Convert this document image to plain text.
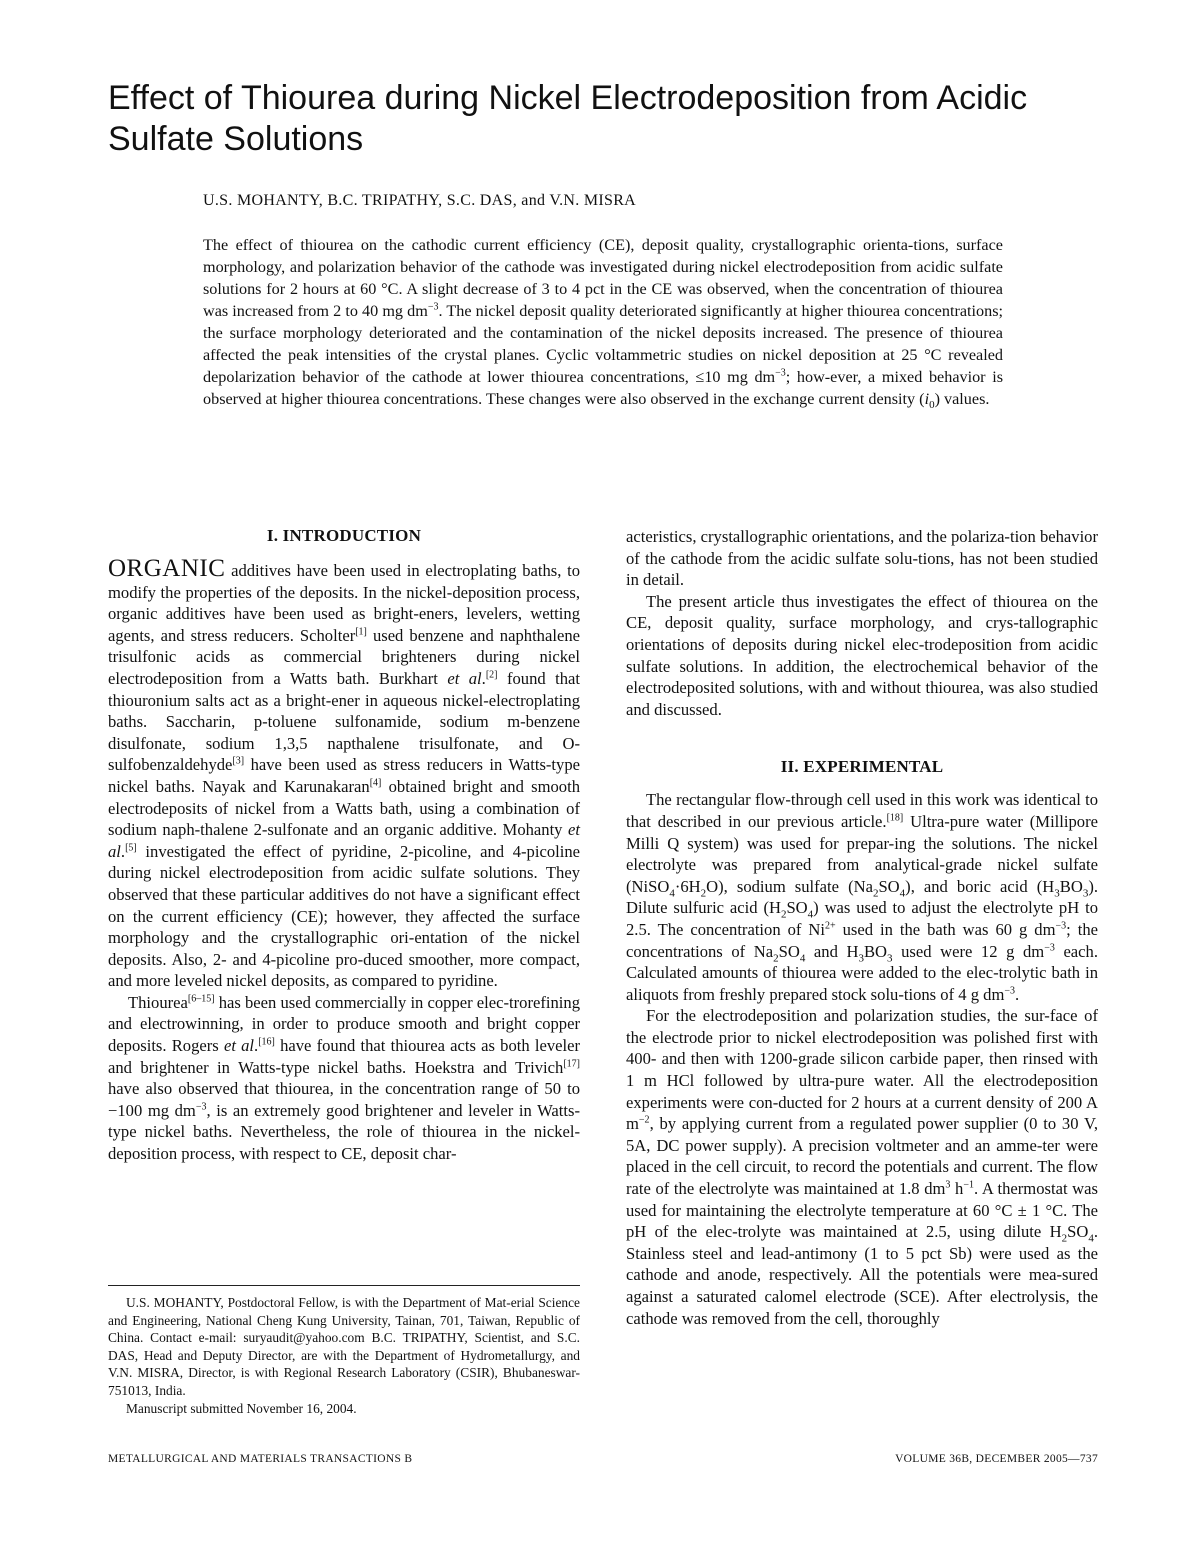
Effect of Thiourea during Nickel Electrodeposition from Acidic Sulfate Solutions
U.S. MOHANTY, B.C. TRIPATHY, S.C. DAS, and V.N. MISRA

The effect of thiourea on the cathodic current efficiency (CE), deposit quality, crystallographic orienta-tions, surface morphology, and polarization behavior of the cathode was investigated during nickel electrodeposition from acidic sulfate solutions for 2 hours at 60 °C. A slight decrease of 3 to 4 pct in the CE was observed, when the concentration of thiourea was increased from 2 to 40 mg $dm^{-3}$. The nickel deposit quality deteriorated significantly at higher thiourea concentrations; the surface morphology deteriorated and the contamination of the nickel deposits increased. The presence of thiourea affected the peak intensities of the crystal planes. Cyclic voltammetric studies on nickel deposition at 25 °C revealed depolarization behavior of the cathode at lower thiourea concentrations, ≤10 mg $dm^{-3}$; how-ever, a mixed behavior is observed at higher thiourea concentrations. These changes were also observed in the exchange current density $(i_0)$ values.

I. INTRODUCTION

ORGANIC additives have been used in electroplating baths, to modify the properties of the deposits. In the nickel-deposition process, organic additives have been used as bright-eners, levelers, wetting agents, and stress reducers. Scholter[1] used benzene and naphthalene trisulfonic acids as commercial brighteners during nickel electrodeposition from a Watts bath. Burkhart et al.[2] found that thiouronium salts act as a bright-ener in aqueous nickel-electroplating baths. Saccharin, p-toluene sulfonamide, sodium m-benzene disulfonate, sodium 1,3,5 napthalene trisulfonate, and O-sulfobenzaldehyde[3] have been used as stress reducers in Watts-type nickel baths. Nayak and Karunakaran[4] obtained bright and smooth electrodeposits of nickel from a Watts bath, using a combination of sodium naph-thalene 2-sulfonate and an organic additive. Mohanty et al.[5] investigated the effect of pyridine, 2-picoline, and 4-picoline during nickel electrodeposition from acidic sulfate solutions. They observed that these particular additives do not have a significant effect on the current efficiency (CE); however, they affected the surface morphology and the crystallographic ori-entation of the nickel deposits. Also, 2- and 4-picoline pro-duced smoother, more compact, and more leveled nickel deposits, as compared to pyridine.

Thiourea[6–15] has been used commercially in copper elec-trorefining and electrowinning, in order to produce smooth and bright copper deposits. Rogers et al.[16] have found that thiourea acts as both leveler and brightener in Watts-type nickel baths. Hoekstra and Trivich[17] have also observed that thiourea, in the concentration range of 50 to −100 mg $dm^{-3}$, is an extremely good brightener and leveler in Watts-type nickel baths. Nevertheless, the role of thiourea in the nickel-deposition process, with respect to CE, deposit char-

acteristics, crystallographic orientations, and the polariza-tion behavior of the cathode from the acidic sulfate solu-tions, has not been studied in detail.

The present article thus investigates the effect of thiourea on the CE, deposit quality, surface morphology, and crys-tallographic orientations of deposits during nickel elec-trodeposition from acidic sulfate solutions. In addition, the electrochemical behavior of the electrodeposited solutions, with and without thiourea, was also studied and discussed.

II. EXPERIMENTAL

The rectangular flow-through cell used in this work was identical to that described in our previous article.[18] Ultra-pure water (Millipore Milli Q system) was used for prepar-ing the solutions. The nickel electrolyte was prepared from analytical-grade nickel sulfate $(NiSO_4\cdot 6H_2O)$, sodium sulfate $(Na_2SO_4)$, and boric acid $(H_3BO_3)$. Dilute sulfuric acid $(H_2SO_4)$ was used to adjust the electrolyte pH to 2.5. The concentration of $Ni^{2+}$ used in the bath was 60 g $dm^{-3}$; the concentrations of $Na_2SO_4$ and $H_3BO_3$ used were 12 g $dm^{-3}$ each. Calculated amounts of thiourea were added to the elec-trolytic bath in aliquots from freshly prepared stock solu-tions of 4 g $dm^{-3}$.

For the electrodeposition and polarization studies, the sur-face of the electrode prior to nickel electrodeposition was polished first with 400- and then with 1200-grade silicon carbide paper, then rinsed with 1 m HCl followed by ultra-pure water. All the electrodeposition experiments were con-ducted for 2 hours at a current density of 200 A $m^{-2}$, by applying current from a regulated power supplier (0 to 30 V, 5A, DC power supply). A precision voltmeter and an amme-ter were placed in the cell circuit, to record the potentials and current. The flow rate of the electrolyte was maintained at 1.8 $dm^3$ $h^{-1}$. A thermostat was used for maintaining the electrolyte temperature at 60 °C ± 1 °C. The pH of the elec-trolyte was maintained at 2.5, using dilute $H_2SO_4$. Stainless steel and lead-antimony (1 to 5 pct Sb) were used as the cathode and anode, respectively. All the potentials were mea-sured against a saturated calomel electrode (SCE). After electrolysis, the cathode was removed from the cell, thoroughly

U.S. MOHANTY, Postdoctoral Fellow, is with the Department of Mat-erial Science and Engineering, National Cheng Kung University, Tainan, 701, Taiwan, Republic of China. Contact e-mail: suryaudit@yahoo.com B.C. TRIPATHY, Scientist, and S.C. DAS, Head and Deputy Director, are with the Department of Hydrometallurgy, and V.N. MISRA, Director, is with Regional Research Laboratory (CSIR), Bhubaneswar-751013, India.

Manuscript submitted November 16, 2004.

METALLURGICAL AND MATERIALS TRANSACTIONS B	VOLUME 36B, DECEMBER 2005—737
